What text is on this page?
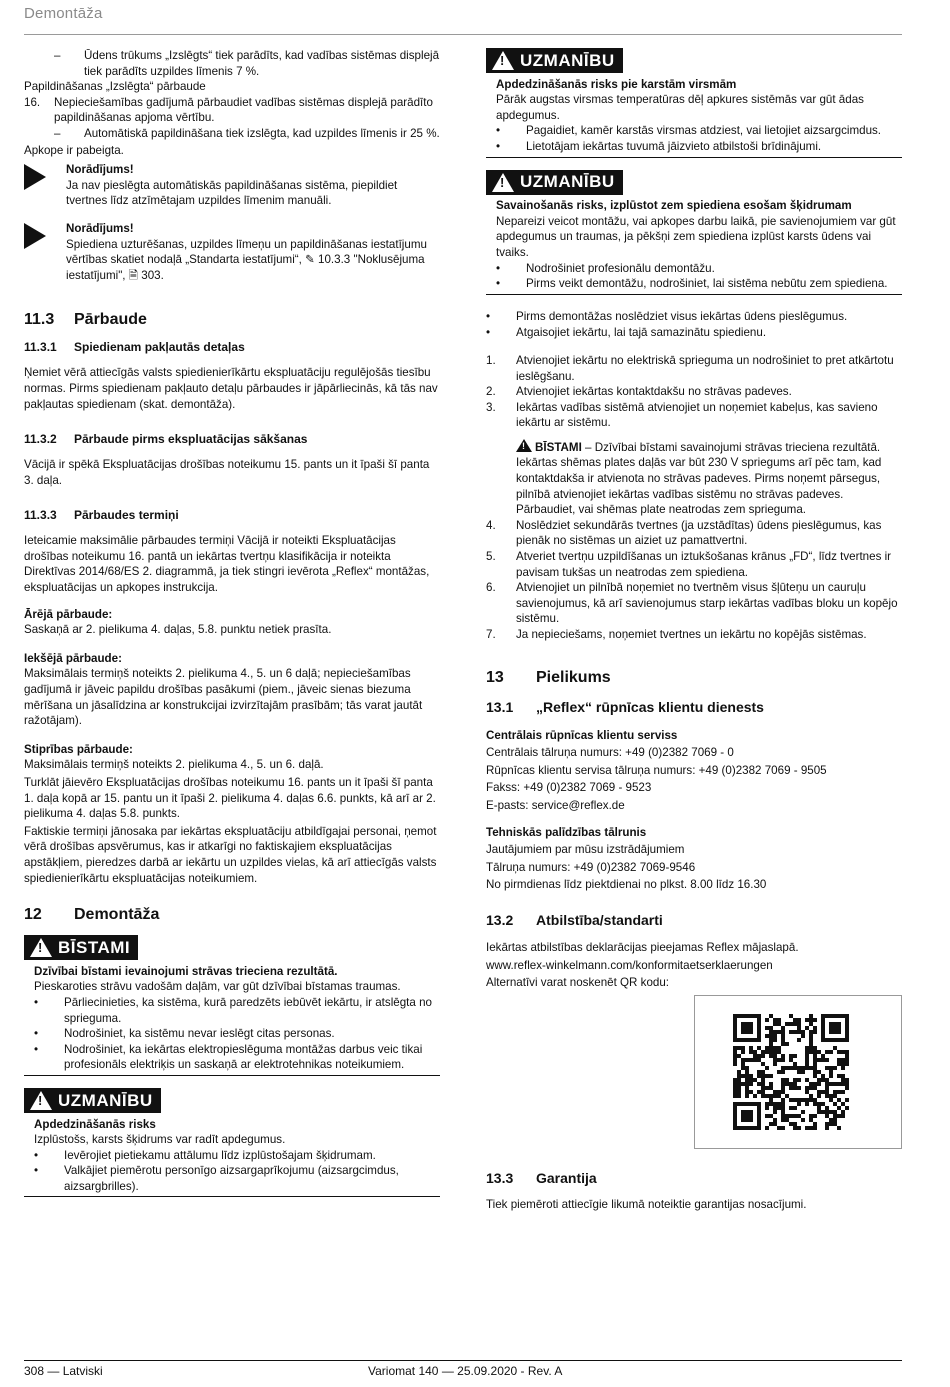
Demontāža
–	Ūdens trūkums „Izslēgts“ tiek parādīts, kad vadības sistēmas displejā tiek parādīts uzpildes līmenis 7 %.

Papildināšanas „Izslēgta“ pārbaude

16.	Nepieciešamības gadījumā pārbaudiet vadības sistēmas displejā parādīto papildināšanas apjoma vērtību.
–	Automātiskā papildināšana tiek izslēgta, kad uzpildes līmenis ir 25 %.

Apkope ir pabeigta.

Norādījums!

Ja nav pieslēgta automātiskās papildināšanas sistēma, piepildiet tvertnes līdz atzīmētajam uzpildes līmenim manuāli.

Norādījums!

Spiediena uzturēšanas, uzpildes līmeņu un papildināšanas iestatījumu vērtības skatiet nodaļā „Standarta iestatījumi“, ✎ 10.3.3 "Noklusējuma iestatījumi", 🗎 303.

11.3	Pārbaude
11.3.1	Spiedienam pakļautās detaļas

Ņemiet vērā attiecīgās valsts spiedienierīkārtu ekspluatāciju regulējošās tiesību normas. Pirms spiedienam pakļauto detaļu pārbaudes ir jāpārliecinās, kā tās nav pakļautas spiedienam (skat. demontāža).

11.3.2	Pārbaude pirms ekspluatācijas sākšanas

Vācijā ir spēkā Ekspluatācijas drošības noteikumu 15. pants un it īpaši šī panta 3. daļa.

11.3.3	Pārbaudes termiņi

Ieteicamie maksimālie pārbaudes termiņi Vācijā ir noteikti Ekspluatācijas drošības noteikumu 16. pantā un iekārtas tvertņu klasifikācija ir noteikta Direktīvas 2014/68/ES 2. diagrammā, ja tiek stingri ievērota „Reflex“ montāžas, ekspluatācijas un apkopes instrukcija.

Ārējā pārbaude:

Saskaņā ar 2. pielikuma 4. daļas, 5.8. punktu netiek prasīta.

Iekšējā pārbaude:

Maksimālais termiņš noteikts 2. pielikuma 4., 5. un 6 daļā; nepieciešamības gadījumā ir jāveic papildu drošības pasākumi (piem., jāveic sienas biezuma mērīšana un jāsalīdzina ar konstrukcijai izvirzītajām prasībām; tās varat jautāt ražotājam).

Stiprības pārbaude:

Maksimālais termiņš noteikts 2. pielikuma 4., 5. un 6. daļā.

Turklāt jāievēro Ekspluatācijas drošības noteikumu 16. pants un it īpaši šī panta 1. daļa kopā ar 15. pantu un it īpaši 2. pielikuma 4. daļas 6.6. punkts, kā arī ar 2. pielikuma 4. daļas 5.8. punkts.

Faktiskie termiņi jānosaka par iekārtas ekspluatāciju atbildīgajai personai, ņemot vērā drošības apsvērumus, kas ir atkarīgi no faktiskajiem ekspluatācijas apstākļiem, pieredzes darbā ar iekārtu un uzpildes vielas, kā arī attiecīgās valsts spiedienierīkārtu ekspluatācijas noteikumiem.

12	Demontāža
!
BĪSTAMI

Dzīvībai bīstami ievainojumi strāvas trieciena rezultātā.

Pieskaroties strāvu vadošām daļām, var gūt dzīvībai bīstamas traumas.

•	Pārliecinieties, ka sistēma, kurā paredzēts iebūvēt iekārtu, ir atslēgta no sprieguma.
•	Nodrošiniet, ka sistēmu nevar ieslēgt citas personas.
•	Nodrošiniet, ka iekārtas elektropieslēguma montāžas darbus veic tikai profesionāls elektriķis un saskaņā ar elektrotehnikas noteikumiem.
!
UZMANĪBU

Apdedzināšanās risks

Izplūstošs, karsts šķidrums var radīt apdegumus.

•	Ievērojiet pietiekamu attālumu līdz izplūstošajam šķidrumam.
•	Valkājiet piemērotu personīgo aizsargaprīkojumu (aizsargcimdus, aizsargbrilles).
!
UZMANĪBU

Apdedzināšanās risks pie karstām virsmām

Pārāk augstas virsmas temperatūras dēļ apkures sistēmās var gūt ādas apdegumus.

•	Pagaidiet, kamēr karstās virsmas atdziest, vai lietojiet aizsargcimdus.
•	Lietotājam iekārtas tuvumā jāizvieto atbilstoši brīdinājumi.
!
UZMANĪBU

Savainošanās risks, izplūstot zem spiediena esošam šķidrumam

Nepareizi veicot montāžu, vai apkopes darbu laikā, pie savienojumiem var gūt apdegumus un traumas, ja pēkšņi zem spiediena izplūst karsts ūdens vai tvaiks.

•	Nodrošiniet profesionālu demontāžu.
•	Pirms veikt demontāžu, nodrošiniet, lai sistēma nebūtu zem spiediena.
•	Pirms demontāžas noslēdziet visus iekārtas ūdens pieslēgumus.
•	Atgaisojiet iekārtu, lai tajā samazinātu spiedienu.
1.	Atvienojiet iekārtu no elektriskā sprieguma un nodrošiniet to pret atkārtotu ieslēgšanu.
2.	Atvienojiet iekārtas kontaktdakšu no strāvas padeves.
3.	Iekārtas vadības sistēmā atvienojiet un noņemiet kabeļus, kas savieno iekārtu ar sistēmu.
!BĪSTAMI – Dzīvībai bīstami savainojumi strāvas trieciena rezultātā. Iekārtas shēmas plates daļās var būt 230 V spriegums arī pēc tam, kad kontaktdakša ir atvienota no strāvas padeves. Pirms noņemt pārsegus, pilnībā atvienojiet iekārtas vadības sistēmu no strāvas padeves. Pārbaudiet, vai shēmas plate neatrodas zem sprieguma.
4.	Noslēdziet sekundārās tvertnes (ja uzstādītas) ūdens pieslēgumus, kas pienāk no sistēmas un aiziet uz pamattvertni.
5.	Atveriet tvertņu uzpildīšanas un iztukšošanas krānus „FD“, līdz tvertnes ir pavisam tukšas un neatrodas zem spiediena.
6.	Atvienojiet un pilnībā noņemiet no tvertnēm visus šļūteņu un cauruļu savienojumus, kā arī savienojumus starp iekārtas vadības bloku un kopējo sistēmu.
7.	Ja nepieciešams, noņemiet tvertnes un iekārtu no kopējās sistēmas.
13	Pielikums
13.1	„Reflex“ rūpnīcas klientu dienests

Centrālais rūpnīcas klientu serviss

Centrālais tālruņa numurs: +49 (0)2382 7069 - 0

Rūpnīcas klientu servisa tālruņa numurs: +49 (0)2382 7069 - 9505

Fakss: +49 (0)2382 7069 - 9523

E-pasts: service@reflex.de

Tehniskās palīdzības tālrunis

Jautājumiem par mūsu izstrādājumiem

Tālruņa numurs: +49 (0)2382 7069-9546

No pirmdienas līdz piektdienai no plkst. 8.00 līdz 16.30

13.2	Atbilstība/standarti

Iekārtas atbilstības deklarācijas pieejamas Reflex mājaslapā.

www.reflex-winkelmann.com/konformitaetserklaerungen

Alternatīvi varat noskenēt QR kodu:

13.3	Garantija

Tiek piemēroti attiecīgie likumā noteiktie garantijas nosacījumi.

308 — Latviski	Variomat 140 — 25.09.2020 - Rev. A
